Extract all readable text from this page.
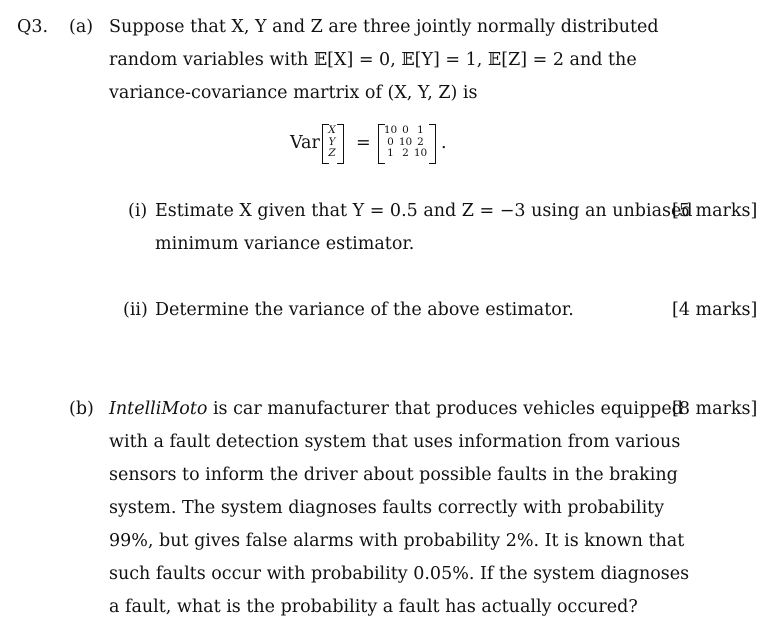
Q3. (a) Suppose that X, Y and Z are three jointly normally distributed
random variables with 𝔼[X] = 0, 𝔼[Y] = 1, 𝔼[Z] = 2 and the
variance-covariance martrix of (X, Y, Z) is
Var
X
Y
Z =
10 0 1
0 10 2
1 2 10 .
(i) Estimate X given that Y = 0.5 and Z = −3 using an unbiased
minimum variance estimator.
[5 marks]
(ii) Determine the variance of the above estimator.	[4 marks]
(b) IntelliMoto is car manufacturer that produces vehicles equipped
[8 marks]
with a fault detection system that uses information from various
sensors to inform the driver about possible faults in the braking
system. The system diagnoses faults correctly with probability
99%, but gives false alarms with probability 2%. It is known that
such faults occur with probability 0.05%. If the system diagnoses
a fault, what is the probability a fault has actually occured?
